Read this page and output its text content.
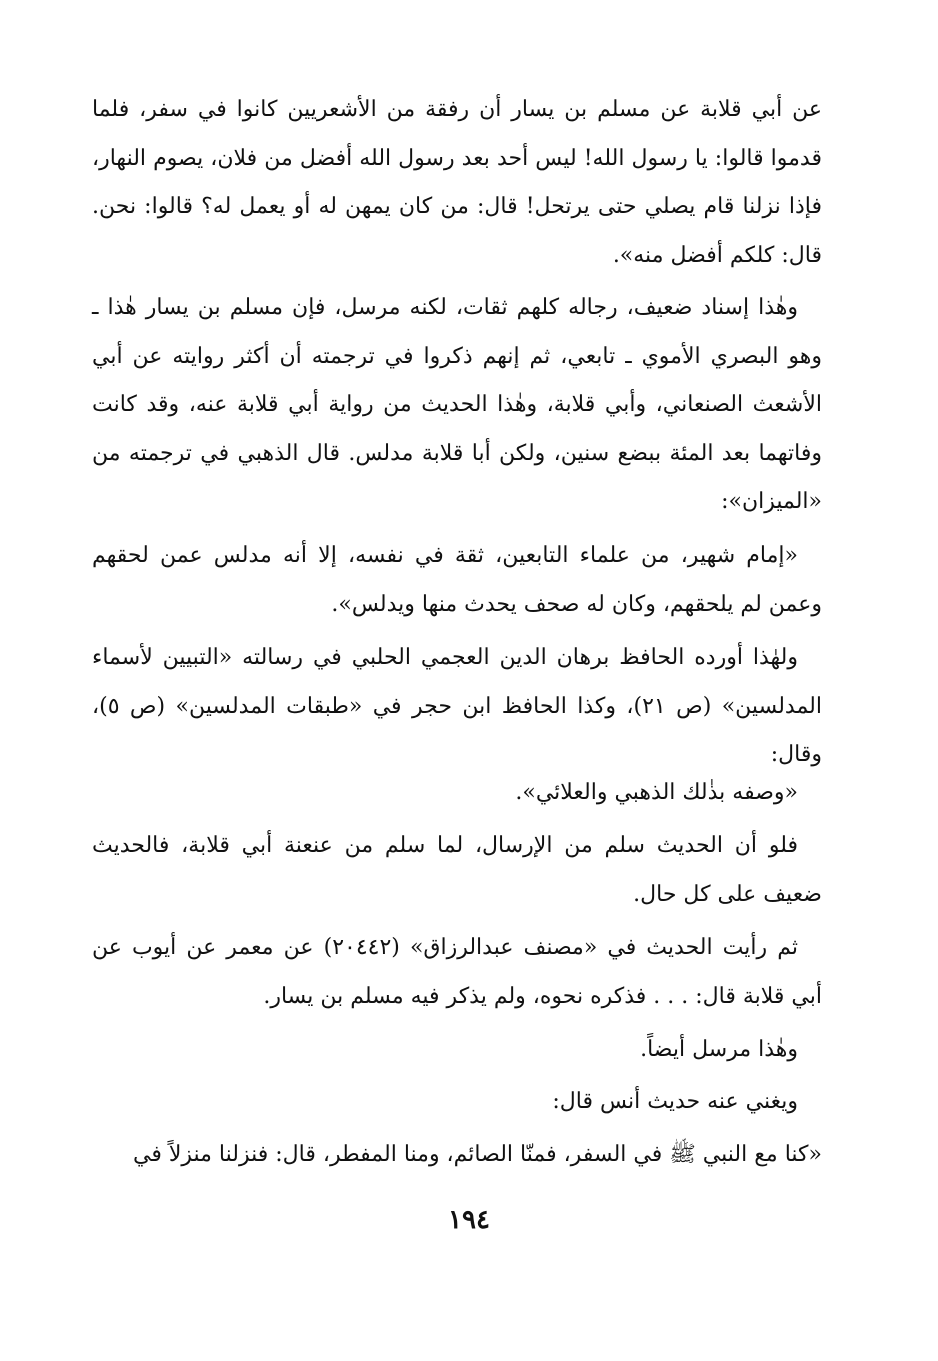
عن أبي قلابة عن مسلم بن يسار أن رفقة من الأشعريين كانوا في سفر، فلما قدموا قالوا: يا رسول الله! ليس أحد بعد رسول الله أفضل من فلان، يصوم النهار، فإذا نزلنا قام يصلي حتى يرتحل! قال: من كان يمهن له أو يعمل له؟ قالوا: نحن. قال: كلكم أفضل منه».

وهٰذا إسناد ضعيف، رجاله كلهم ثقات، لكنه مرسل، فإن مسلم بن يسار هٰذا ـ وهو البصري الأموي ـ تابعي، ثم إنهم ذكروا في ترجمته أن أكثر روايته عن أبي الأشعث الصنعاني، وأبي قلابة، وهٰذا الحديث من رواية أبي قلابة عنه، وقد كانت وفاتهما بعد المئة ببضع سنين، ولكن أبا قلابة مدلس. قال الذهبي في ترجمته من «الميزان»:

«إمام شهير، من علماء التابعين، ثقة في نفسه، إلا أنه مدلس عمن لحقهم وعمن لم يلحقهم، وكان له صحف يحدث منها ويدلس».

ولهٰذا أورده الحافظ برهان الدين العجمي الحلبي في رسالته «التبيين لأسماء المدلسين» (ص ٢١)، وكذا الحافظ ابن حجر في «طبقات المدلسين» (ص ٥)، وقال:

«وصفه بذٰلك الذهبي والعلائي».

فلو أن الحديث سلم من الإرسال، لما سلم من عنعنة أبي قلابة، فالحديث ضعيف على كل حال.

ثم رأيت الحديث في «مصنف عبدالرزاق» (٢٠٤٤٢) عن معمر عن أيوب عن أبي قلابة قال: . . . فذكره نحوه، ولم يذكر فيه مسلم بن يسار.

وهٰذا مرسل أيضاً.

ويغني عنه حديث أنس قال:

«كنا مع النبي ﷺ في السفر، فمنّا الصائم، ومنا المفطر، قال: فنزلنا منزلاً في

١٩٤
